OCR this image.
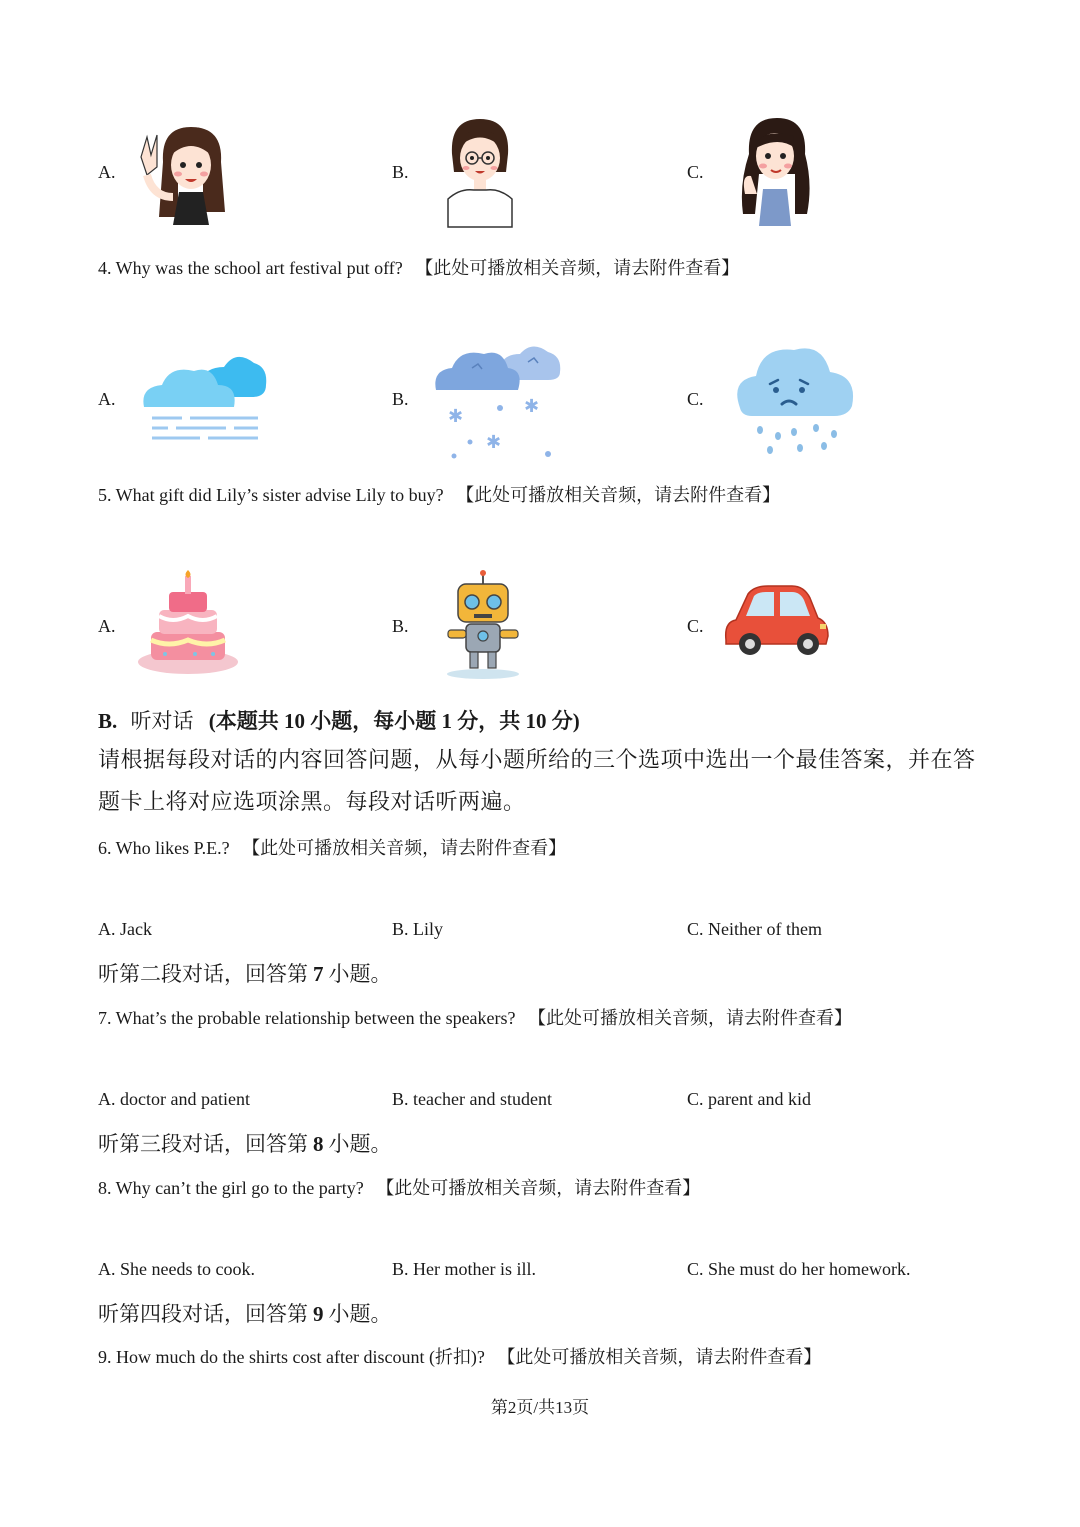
A.	B.	C.
4. Why was the school art festival put off? 【此处可播放相关音频，请去附件查看】
A.	B.
✱	✱
✱
C.
5. What gift did Lily’s sister advise Lily to buy? 【此处可播放相关音频，请去附件查看】
A.	B.	C.
B. 听对话 (本题共 10 小题，每小题 1 分，共 10 分)
请根据每段对话的内容回答问题，从每小题所给的三个选项中选出一个最佳答案，并在答题卡上将对应选项涂黑。每段对话听两遍。
6. Who likes P.E.? 【此处可播放相关音频，请去附件查看】
A. Jack	B. Lily	C. Neither of them
听第二段对话，回答第 7 小题。
7. What’s the probable relationship between the speakers? 【此处可播放相关音频，请去附件查看】
A. doctor and patient	B. teacher and student	C. parent and kid
听第三段对话，回答第 8 小题。
8. Why can’t the girl go to the party? 【此处可播放相关音频，请去附件查看】
A. She needs to cook.	B. Her mother is ill.	C. She must do her homework.
听第四段对话，回答第 9 小题。
9. How much do the shirts cost after discount (折扣)? 【此处可播放相关音频，请去附件查看】
第2页/共13页
